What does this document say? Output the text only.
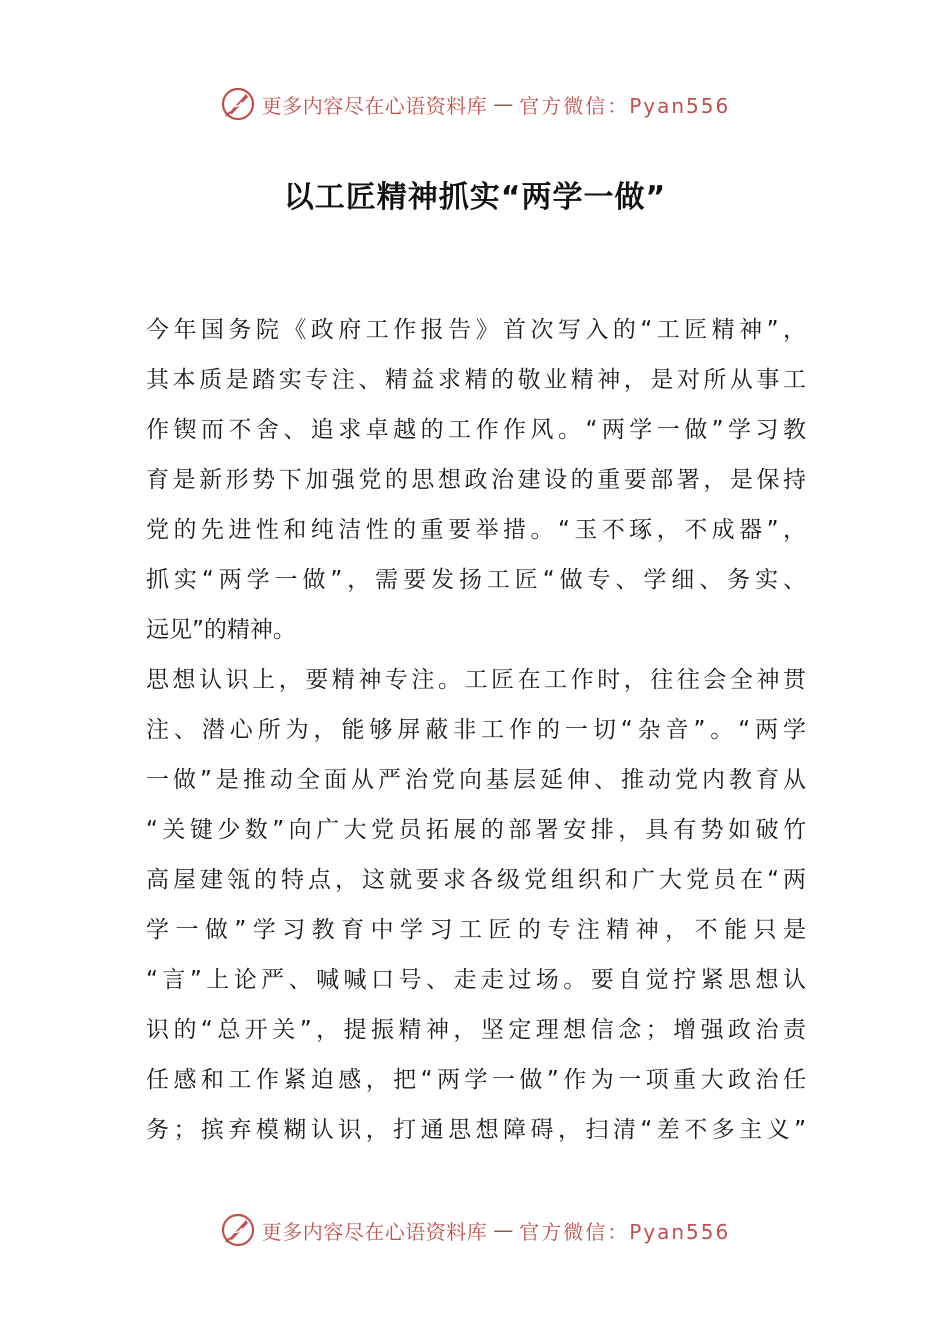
更多内容尽在心语资料库 — 官方微信：Pyan556
以工匠精神抓实“两学一做”
今年国务院《政府工作报告》首次写入的“工匠精神”，
其本质是踏实专注、精益求精的敬业精神，是对所从事工
作锲而不舍、追求卓越的工作作风。“两学一做”学习教
育是新形势下加强党的思想政治建设的重要部署，是保持
党的先进性和纯洁性的重要举措。“玉不琢，不成器”，
抓实“两学一做”，需要发扬工匠“做专、学细、务实、
远见”的精神。
思想认识上，要精神专注。工匠在工作时，往往会全神贯
注、潜心所为，能够屏蔽非工作的一切“杂音”。“两学
一做”是推动全面从严治党向基层延伸、推动党内教育从
“关键少数”向广大党员拓展的部署安排，具有势如破竹
高屋建瓴的特点，这就要求各级党组织和广大党员在“两
学一做”学习教育中学习工匠的专注精神，不能只是
“言”上论严、喊喊口号、走走过场。要自觉拧紧思想认
识的“总开关”，提振精神，坚定理想信念；增强政治责
任感和工作紧迫感，把“两学一做”作为一项重大政治任
务；摈弃模糊认识，打通思想障碍，扫清“差不多主义”
更多内容尽在心语资料库 — 官方微信：Pyan556
